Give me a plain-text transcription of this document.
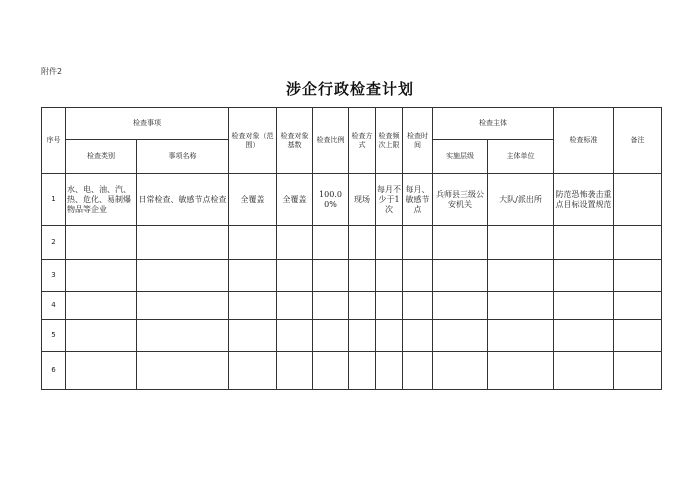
附件2
涉企行政检查计划
序号	检查事项		检查对象（范围）	检查对象基数	检查比例	检查方式	检查频次上限	检查时间	检查主体		检查标准	备注
	检查类别	事项名称							实施层级	主体单位		
1	水、电、油、汽、热、危化、易制爆物品等企业	日常检查、敏感节点检查	全覆盖	全覆盖	100.00%	现场	每月不少于1次	每月、敏感节点	兵师县三级公安机关	大队/派出所	防范恐怖袭击重点目标设置规范	
2												
3												
4												
5												
6												
